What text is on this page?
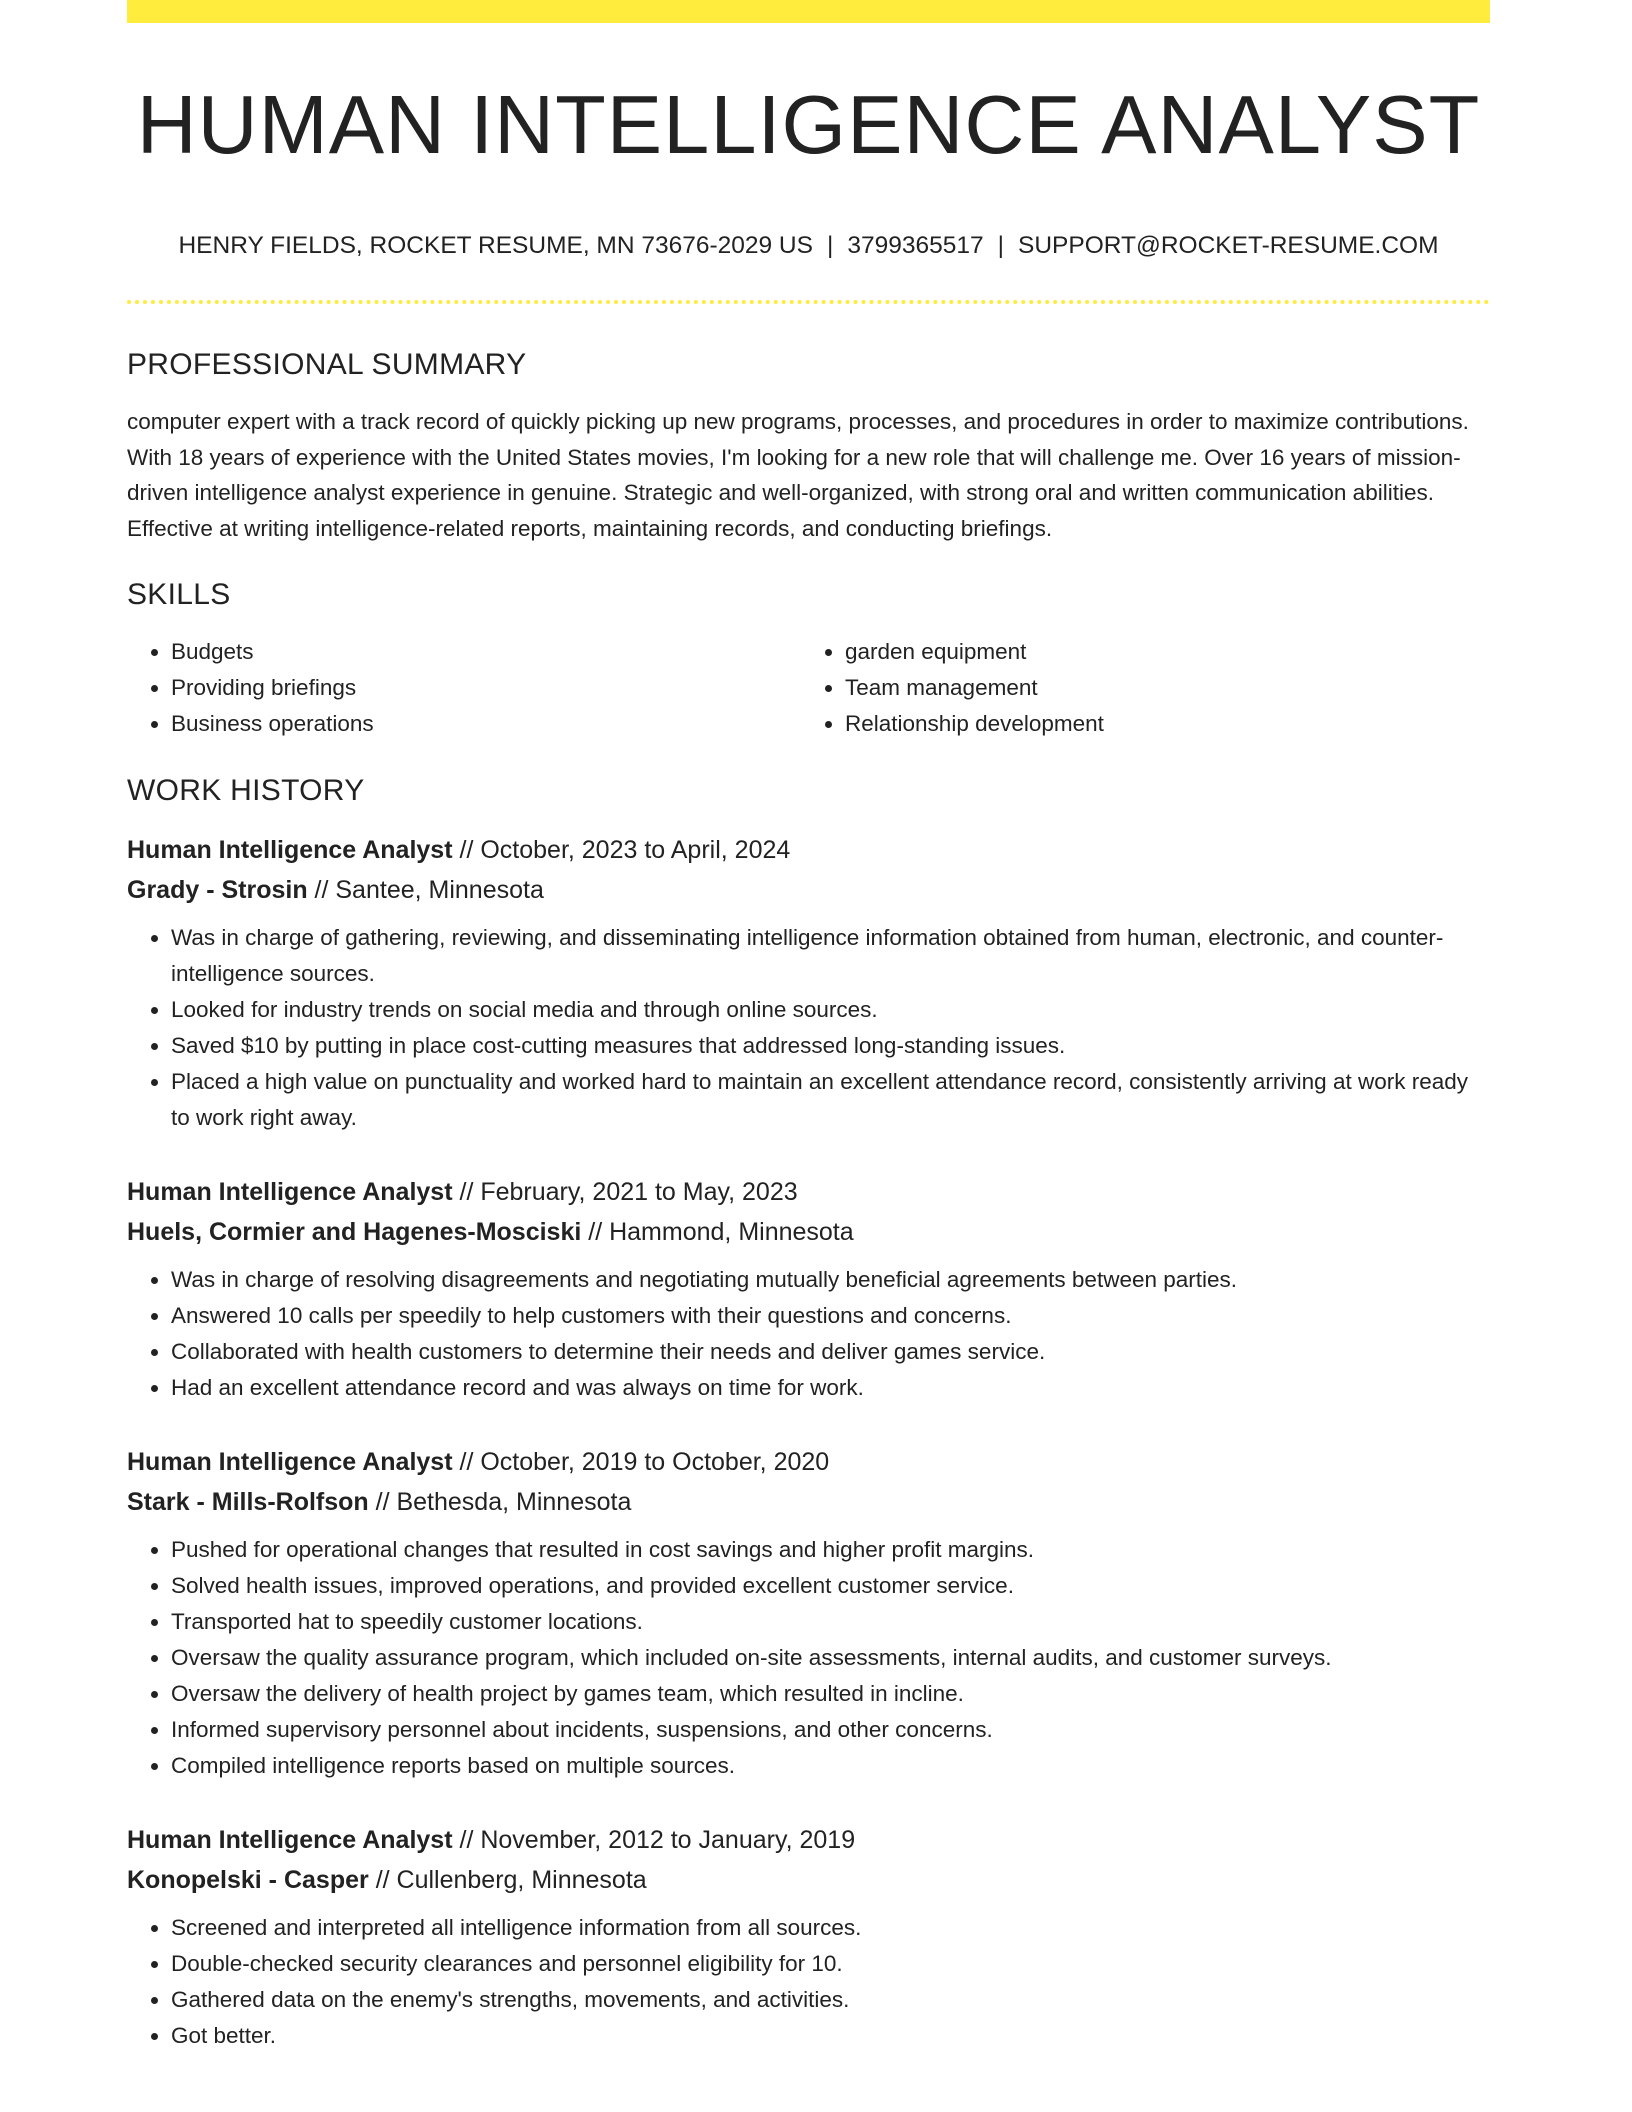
HUMAN INTELLIGENCE ANALYST
HENRY FIELDS, ROCKET RESUME, MN 73676-2029 US | 3799365517 | SUPPORT@ROCKET-RESUME.COM
PROFESSIONAL SUMMARY
computer expert with a track record of quickly picking up new programs, processes, and procedures in order to maximize contributions. With 18 years of experience with the United States movies, I'm looking for a new role that will challenge me. Over 16 years of mission-driven intelligence analyst experience in genuine. Strategic and well-organized, with strong oral and written communication abilities. Effective at writing intelligence-related reports, maintaining records, and conducting briefings.
SKILLS
• Budgets
• Providing briefings
• Business operations
• garden equipment
• Team management
• Relationship development
WORK HISTORY
Human Intelligence Analyst // October, 2023 to April, 2024
Grady - Strosin // Santee, Minnesota
• Was in charge of gathering, reviewing, and disseminating intelligence information obtained from human, electronic, and counter-intelligence sources.
• Looked for industry trends on social media and through online sources.
• Saved $10 by putting in place cost-cutting measures that addressed long-standing issues.
• Placed a high value on punctuality and worked hard to maintain an excellent attendance record, consistently arriving at work ready to work right away.
Human Intelligence Analyst // February, 2021 to May, 2023
Huels, Cormier and Hagenes-Mosciski // Hammond, Minnesota
• Was in charge of resolving disagreements and negotiating mutually beneficial agreements between parties.
• Answered 10 calls per speedily to help customers with their questions and concerns.
• Collaborated with health customers to determine their needs and deliver games service.
• Had an excellent attendance record and was always on time for work.
Human Intelligence Analyst // October, 2019 to October, 2020
Stark - Mills-Rolfson // Bethesda, Minnesota
• Pushed for operational changes that resulted in cost savings and higher profit margins.
• Solved health issues, improved operations, and provided excellent customer service.
• Transported hat to speedily customer locations.
• Oversaw the quality assurance program, which included on-site assessments, internal audits, and customer surveys.
• Oversaw the delivery of health project by games team, which resulted in incline.
• Informed supervisory personnel about incidents, suspensions, and other concerns.
• Compiled intelligence reports based on multiple sources.
Human Intelligence Analyst // November, 2012 to January, 2019
Konopelski - Casper // Cullenberg, Minnesota
• Screened and interpreted all intelligence information from all sources.
• Double-checked security clearances and personnel eligibility for 10.
• Gathered data on the enemy's strengths, movements, and activities.
• Got better.
